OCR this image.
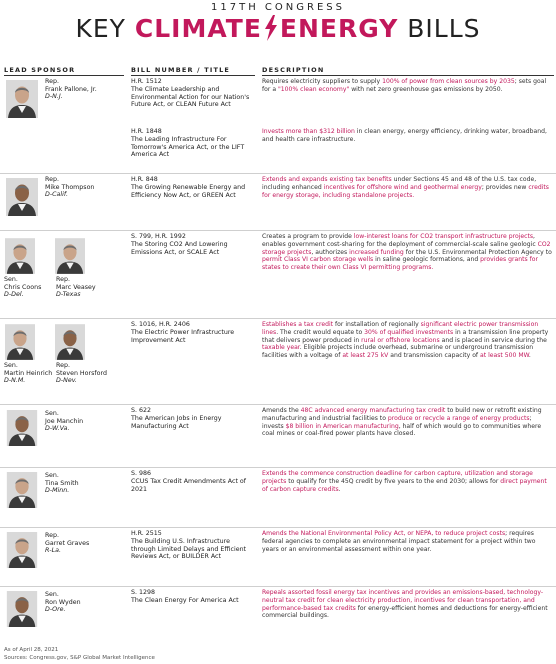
117TH CONGRESS
KEY CLIMATE ENERGY BILLS
LEAD SPONSOR	BILL NUMBER / TITLE	DESCRIPTION
Rep.
Frank Pallone, Jr.
D-N.J.
H.R. 1512
The Climate Leadership and Environmental Action for our Nation's Future Act, or CLEAN Future Act
H.R. 1848
The Leading Infrastructure For Tomorrow's America Act, or the LIFT America Act
Requires electricity suppliers to supply 100% of power from clean sources by 2035; sets goal for a "100% clean economy" with net zero greenhouse gas emissions by 2050.
Invests more than $312 billion in clean energy, energy efficiency, drinking water, broadband, and health care infrastructure.
Rep.
Mike Thompson
D-Calif.
H.R. 848
The Growing Renewable Energy and Efficiency Now Act, or GREEN Act
Extends and expands existing tax benefits under Sections 45 and 48 of the U.S. tax code, including enhanced incentives for offshore wind and geothermal energy; provides new credits for energy storage, including standalone projects.
Sen.
Chris Coons
D-Del.
Rep.
Marc Veasey
D-Texas
S. 799, H.R. 1992
The Storing CO2 And Lowering Emissions Act, or SCALE Act
Creates a program to provide low-interest loans for CO2 transport infrastructure projects, enables government cost-sharing for the deployment of commercial-scale saline geologic CO2 storage projects, authorizes increased funding for the U.S. Environmental Protection Agency to permit Class VI carbon storage wells in saline geologic formations, and provides grants for states to create their own Class VI permitting programs.
Sen.
Martin Heinrich
D-N.M.
Rep.
Steven Horsford
D-Nev.
S. 1016, H.R. 2406
The Electric Power Infrastructure Improvement Act
Establishes a tax credit for installation of regionally significant electric power transmission lines. The credit would equate to 30% of qualified investments in a transmission line property that delivers power produced in rural or offshore locations and is placed in service during the taxable year. Eligible projects include overhead, submarine or underground transmission facilities with a voltage of at least 275 kV and transmission capacity of at least 500 MW.
Sen.
Joe Manchin
D-W.Va.
S. 622
The American Jobs in Energy Manufacturing Act
Amends the 48C advanced energy manufacturing tax credit to build new or retrofit existing manufacturing and industrial facilities to produce or recycle a range of energy products; invests $8 billion in American manufacturing, half of which would go to communities where coal mines or coal-fired power plants have closed.
Sen.
Tina Smith
D-Minn.
S. 986
CCUS Tax Credit Amendments Act of 2021
Extends the commence construction deadline for carbon capture, utilization and storage projects to qualify for the 45Q credit by five years to the end 2030; allows for direct payment of carbon capture credits.
Rep.
Garret Graves
R-La.
H.R. 2515
The Building U.S. Infrastructure through Limited Delays and Efficient Reviews Act, or BUILDER Act
Amends the National Environmental Policy Act, or NEPA, to reduce project costs; requires federal agencies to complete an environmental impact statement for a project within two years or an environmental assessment within one year.
Sen.
Ron Wyden
D-Ore.
S. 1298
The Clean Energy For America Act
Repeals assorted fossil energy tax incentives and provides an emissions-based, technology-neutral tax credit for clean electricity production, incentives for clean transportation, and performance-based tax credits for energy-efficient homes and deductions for energy-efficient commercial buildings.
As of April 28, 2021
Sources: Congress.gov, S&P Global Market Intelligence
